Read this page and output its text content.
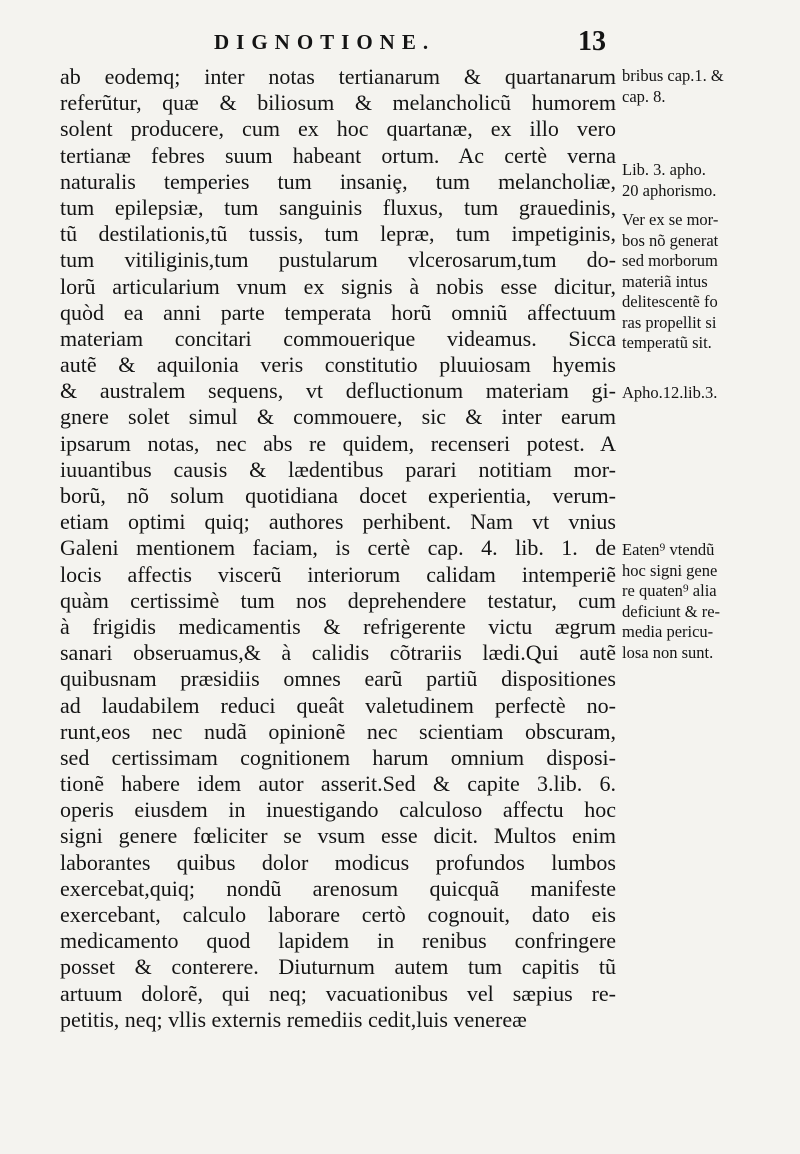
DIGNOTIONE.	13
ab eodemq; inter notas tertianarum & quartanarum
referũtur, quæ & biliosum & melancholicũ humorem
solent producere, cum ex hoc quartanæ, ex illo vero
tertianæ febres suum habeant ortum. Ac certè verna
naturalis temperies tum insaniȩ, tum melancholiæ,
tum epilepsiæ, tum sanguinis fluxus, tum grauedinis,
tũ destilationis,tũ tussis, tum lepræ, tum impetiginis,
tum vitiliginis,tum pustularum vlcerosarum,tum do-
lorũ articularium vnum ex signis à nobis esse dicitur,
quòd ea anni parte temperata horũ omniũ affectuum
materiam concitari commouerique videamus. Sicca
autẽ & aquilonia veris constitutio pluuiosam hyemis
& australem sequens, vt defluctionum materiam gi-
gnere solet simul & commouere, sic & inter earum
ipsarum notas, nec abs re quidem, recenseri potest. A
iuuantibus causis & lædentibus parari notitiam mor-
borũ, nõ solum quotidiana docet experientia, verum-
etiam optimi quiq; authores perhibent. Nam vt vnius
Galeni mentionem faciam, is certè cap. 4. lib. 1. de
locis affectis viscerũ interiorum calidam intemperiẽ
quàm certissimè tum nos deprehendere testatur, cum
à frigidis medicamentis & refrigerente victu ægrum
sanari obseruamus,& à calidis cõtrariis lædi.Qui autẽ
quibusnam præsidiis omnes earũ partiũ dispositiones
ad laudabilem reduci queât valetudinem perfectè no-
runt,eos nec nudã opinionẽ nec scientiam obscuram,
sed certissimam cognitionem harum omnium disposi-
tionẽ habere idem autor asserit.Sed & capite 3.lib. 6.
operis eiusdem in inuestigando calculoso affectu hoc
signi genere fœliciter se vsum esse dicit. Multos enim
laborantes quibus dolor modicus profundos lumbos
exercebat,quiq; nondũ arenosum quicquã manifeste
exercebant, calculo laborare certò cognouit, dato eis
medicamento quod lapidem in renibus confringere
posset & conterere. Diuturnum autem tum capitis tũ
artuum dolorẽ, qui neq; vacuationibus vel sæpius re-
petitis, neq; vllis externis remediis cedit,luis venereæ
bribus cap.1. &
cap. 8.
Lib. 3. apho.
20 aphorismo.
Ver ex se mor-
bos nõ generat
sed morborum
materiã intus
delitescentẽ fo
ras propellit si
temperatũ sit.
Apho.12.lib.3.
Eaten⁹ vtendũ
hoc signi gene
re quaten⁹ alia
deficiunt & re-
media pericu-
losa non sunt.
